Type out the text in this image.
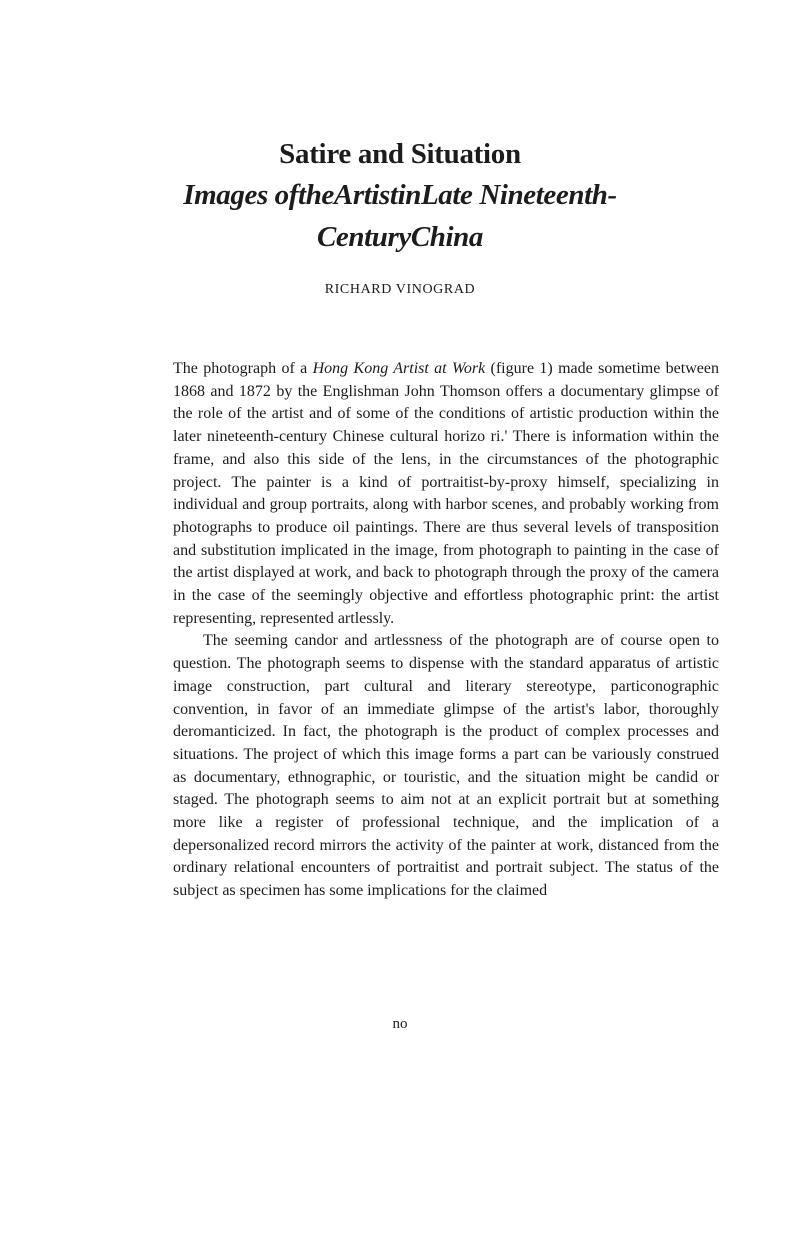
Satire and Situation
Images oftheArtistinLate Nineteenth-
CenturyChina
RICHARD VINOGRAD

The photograph of a Hong Kong Artist at Work (figure 1) made sometime between 1868 and 1872 by the Englishman John Thomson offers a documentary glimpse of the role of the artist and of some of the conditions of artistic production within the later nineteenth-century Chinese cultural horizo ri.' There is information within the frame, and also this side of the lens, in the circumstances of the photographic project. The painter is a kind of portraitist-by-proxy himself, specializing in individual and group portraits, along with harbor scenes, and probably working from photographs to produce oil paintings. There are thus several levels of transposition and substitution implicated in the image, from photograph to painting in the case of the artist displayed at work, and back to photograph through the proxy of the camera in the case of the seemingly objective and effortless photographic print: the artist representing, represented artlessly.

The seeming candor and artlessness of the photograph are of course open to question. The photograph seems to dispense with the standard apparatus of artistic image construction, part cultural and literary stereotype, particonographic convention, in favor of an immediate glimpse of the artist's labor, thoroughly deromanticized. In fact, the photograph is the product of complex processes and situations. The project of which this image forms a part can be variously construed as documentary, ethnographic, or touristic, and the situation might be candid or staged. The photograph seems to aim not at an explicit portrait but at something more like a register of professional technique, and the implication of a depersonalized record mirrors the activity of the painter at work, distanced from the ordinary relational encounters of portraitist and portrait subject. The status of the subject as specimen has some implications for the claimed

no
